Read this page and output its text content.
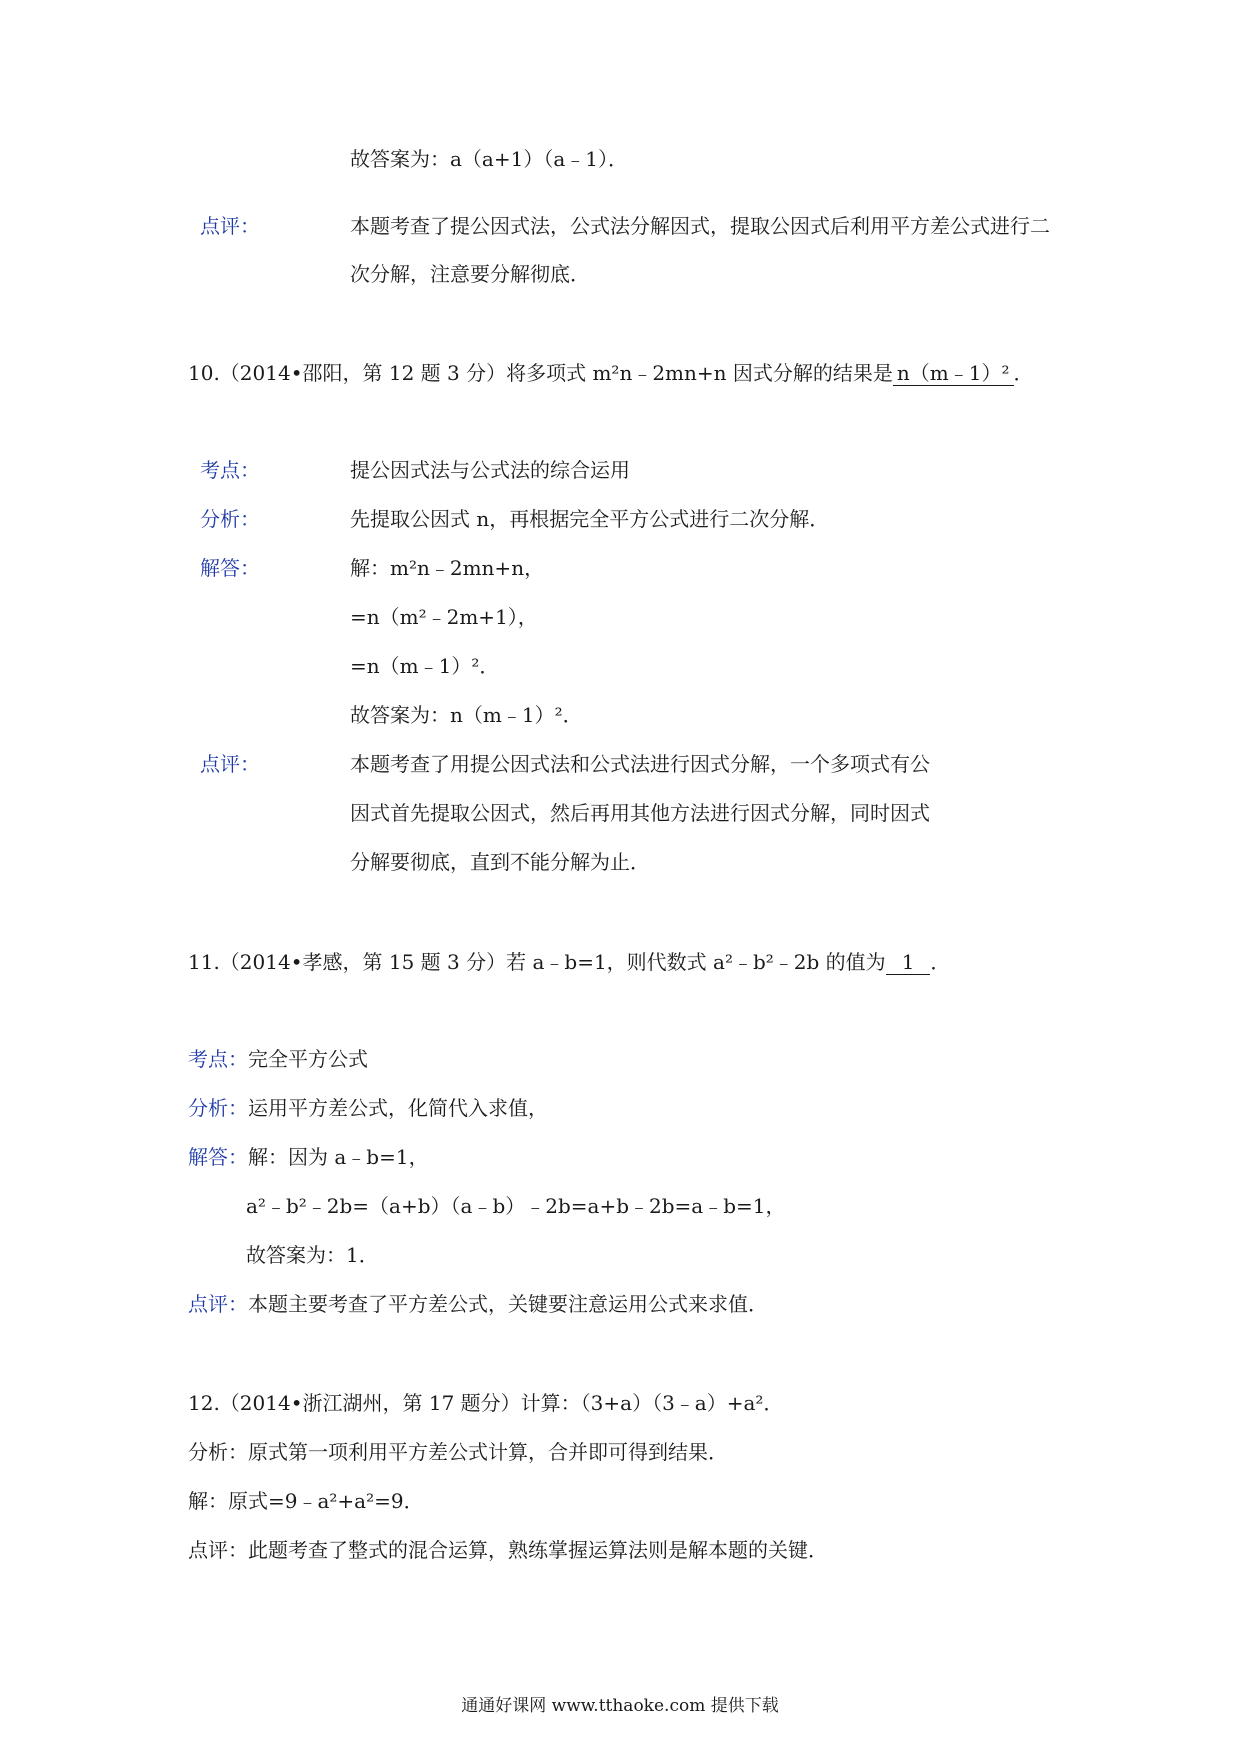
故答案为：a（a+1）（a﹣1）．
点评：	本题考查了提公因式法，公式法分解因式，提取公因式后利用平方差公式进行二
次分解，注意要分解彻底．
10.（2014•邵阳，第 12 题 3 分）将多项式 m²n﹣2mn+n 因式分解的结果是 n（m﹣1）² ．
考点：	提公因式法与公式法的综合运用
分析：	先提取公因式 n，再根据完全平方公式进行二次分解．
解答：	解：m²n﹣2mn+n，
=n（m²﹣2m+1），
=n（m﹣1）²．
故答案为：n（m﹣1）²．
点评：	本题考查了用提公因式法和公式法进行因式分解，一个多项式有公
因式首先提取公因式，然后再用其他方法进行因式分解，同时因式
分解要彻底，直到不能分解为止．
11.（2014•孝感，第 15 题 3 分）若 a﹣b=1，则代数式 a²﹣b²﹣2b 的值为 1 ．
考点：完全平方公式
分析：运用平方差公式，化简代入求值，
解答：解：因为 a﹣b=1，
a²﹣b²﹣2b=（a+b）（a﹣b）﹣2b=a+b﹣2b=a﹣b=1，
故答案为：1．
点评：本题主要考查了平方差公式，关键要注意运用公式来求值．
12.（2014•浙江湖州，第 17 题分）计算：（3+a）（3﹣a）+a²．
分析：原式第一项利用平方差公式计算，合并即可得到结果．
解：原式=9﹣a²+a²=9．
点评：此题考查了整式的混合运算，熟练掌握运算法则是解本题的关键．
通通好课网 www.tthaoke.com 提供下载
